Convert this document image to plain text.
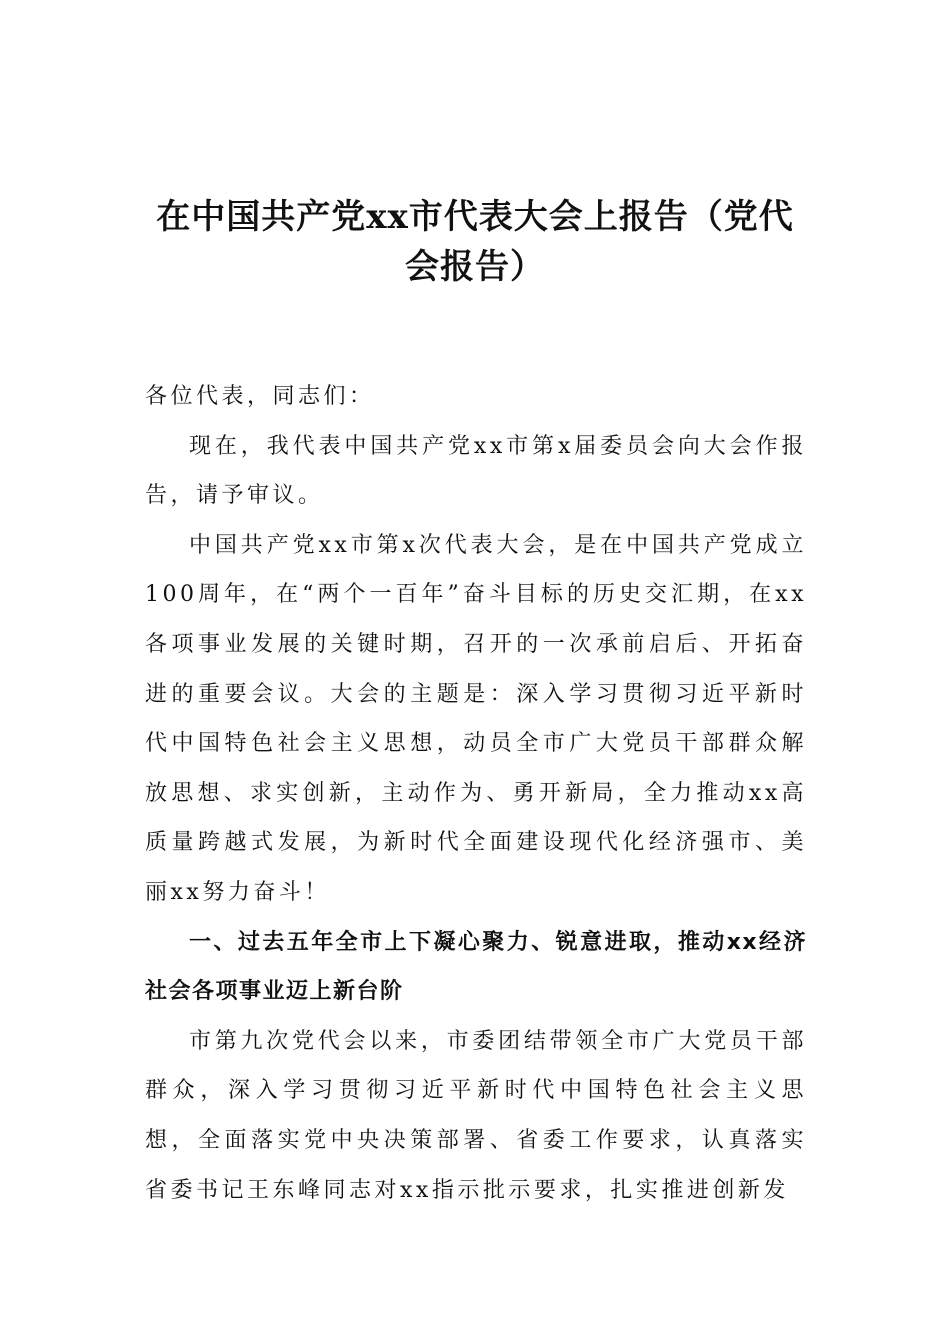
在中国共产党xx市代表大会上报告（党代会报告）

各位代表，同志们：

现在，我代表中国共产党xx市第x届委员会向大会作报告，请予审议。

中国共产党xx市第x次代表大会，是在中国共产党成立100周年，在“两个一百年”奋斗目标的历史交汇期，在xx各项事业发展的关键时期，召开的一次承前启后、开拓奋进的重要会议。大会的主题是：深入学习贯彻习近平新时代中国特色社会主义思想，动员全市广大党员干部群众解放思想、求实创新，主动作为、勇开新局，全力推动xx高质量跨越式发展，为新时代全面建设现代化经济强市、美丽xx努力奋斗！

一、过去五年全市上下凝心聚力、锐意进取，推动xx经济社会各项事业迈上新台阶

市第九次党代会以来，市委团结带领全市广大党员干部群众，深入学习贯彻习近平新时代中国特色社会主义思想，全面落实党中央决策部署、省委工作要求，认真落实省委书记王东峰同志对xx指示批示要求，扎实推进创新发
